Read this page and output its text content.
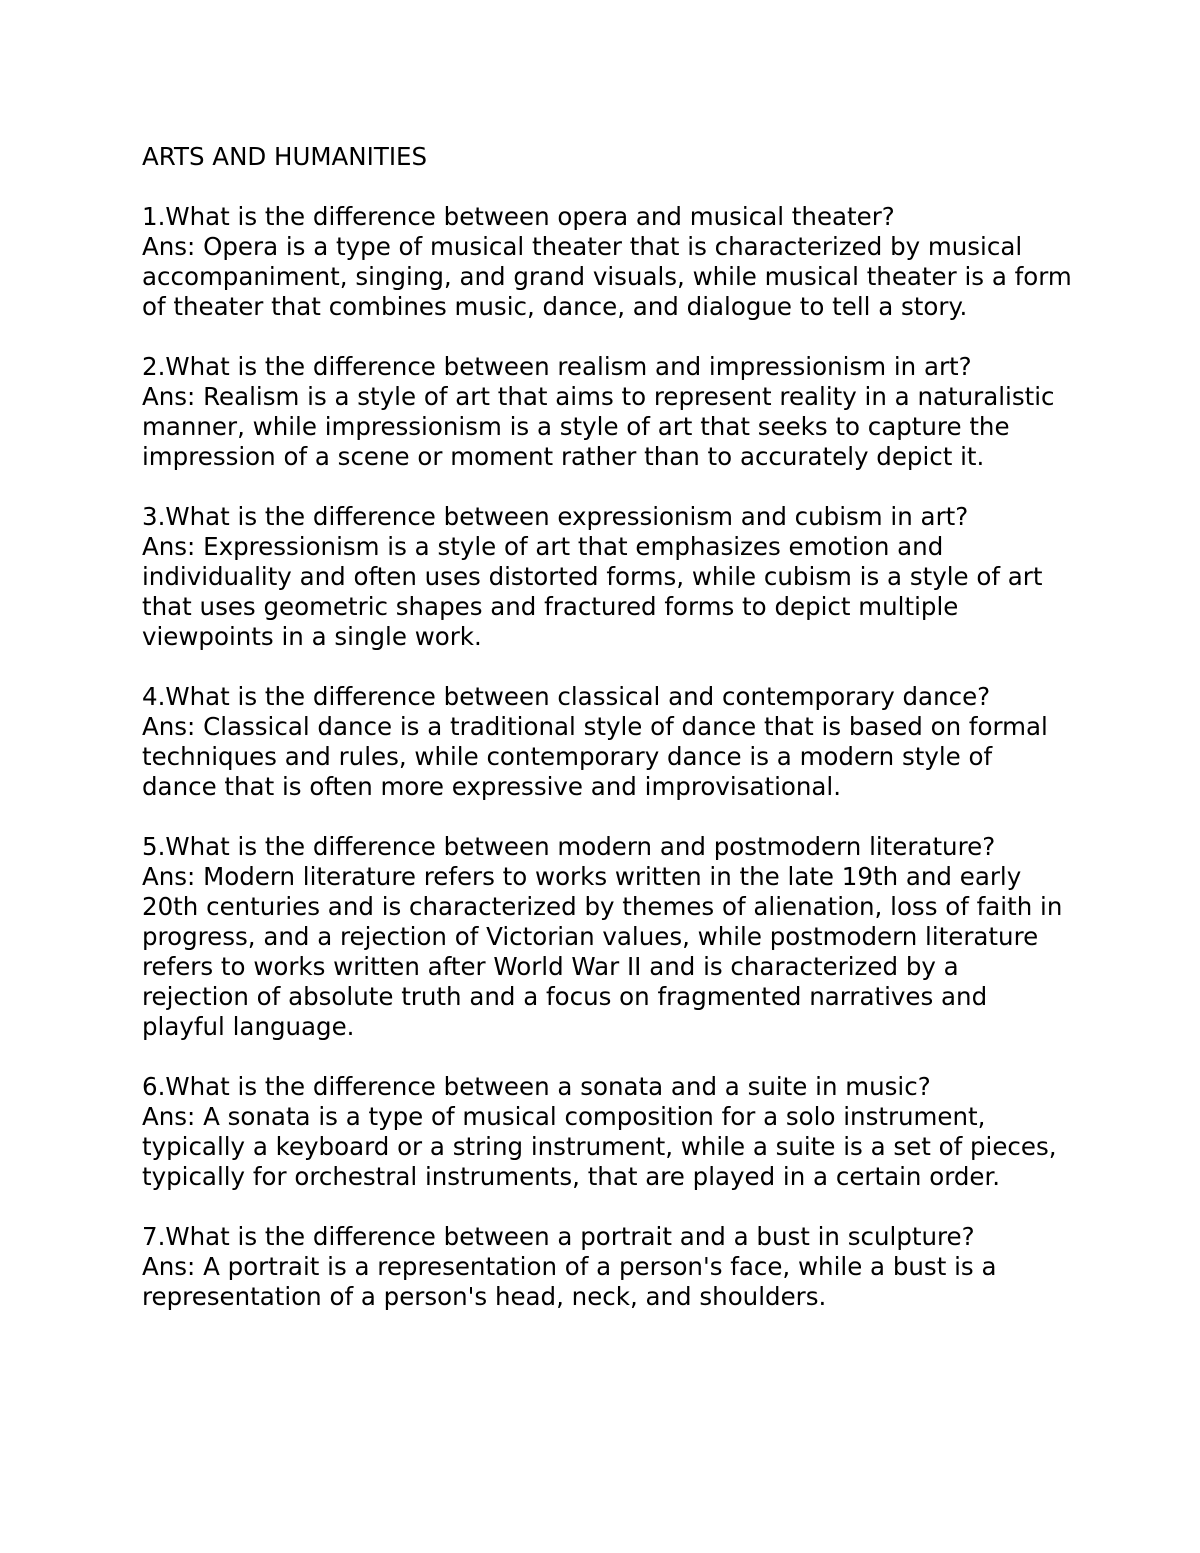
ARTS AND HUMANITIES
1.What is the difference between opera and musical theater?
Ans: Opera is a type of musical theater that is characterized by musical accompaniment, singing, and grand visuals, while musical theater is a form of theater that combines music, dance, and dialogue to tell a story.
2.What is the difference between realism and impressionism in art?
Ans: Realism is a style of art that aims to represent reality in a naturalistic manner, while impressionism is a style of art that seeks to capture the impression of a scene or moment rather than to accurately depict it.
3.What is the difference between expressionism and cubism in art?
Ans: Expressionism is a style of art that emphasizes emotion and individuality and often uses distorted forms, while cubism is a style of art that uses geometric shapes and fractured forms to depict multiple viewpoints in a single work.
4.What is the difference between classical and contemporary dance?
Ans: Classical dance is a traditional style of dance that is based on formal techniques and rules, while contemporary dance is a modern style of dance that is often more expressive and improvisational.
5.What is the difference between modern and postmodern literature?
Ans: Modern literature refers to works written in the late 19th and early 20th centuries and is characterized by themes of alienation, loss of faith in progress, and a rejection of Victorian values, while postmodern literature refers to works written after World War II and is characterized by a rejection of absolute truth and a focus on fragmented narratives and playful language.
6.What is the difference between a sonata and a suite in music?
Ans: A sonata is a type of musical composition for a solo instrument, typically a keyboard or a string instrument, while a suite is a set of pieces, typically for orchestral instruments, that are played in a certain order.
7.What is the difference between a portrait and a bust in sculpture?
Ans: A portrait is a representation of a person's face, while a bust is a representation of a person's head, neck, and shoulders.
